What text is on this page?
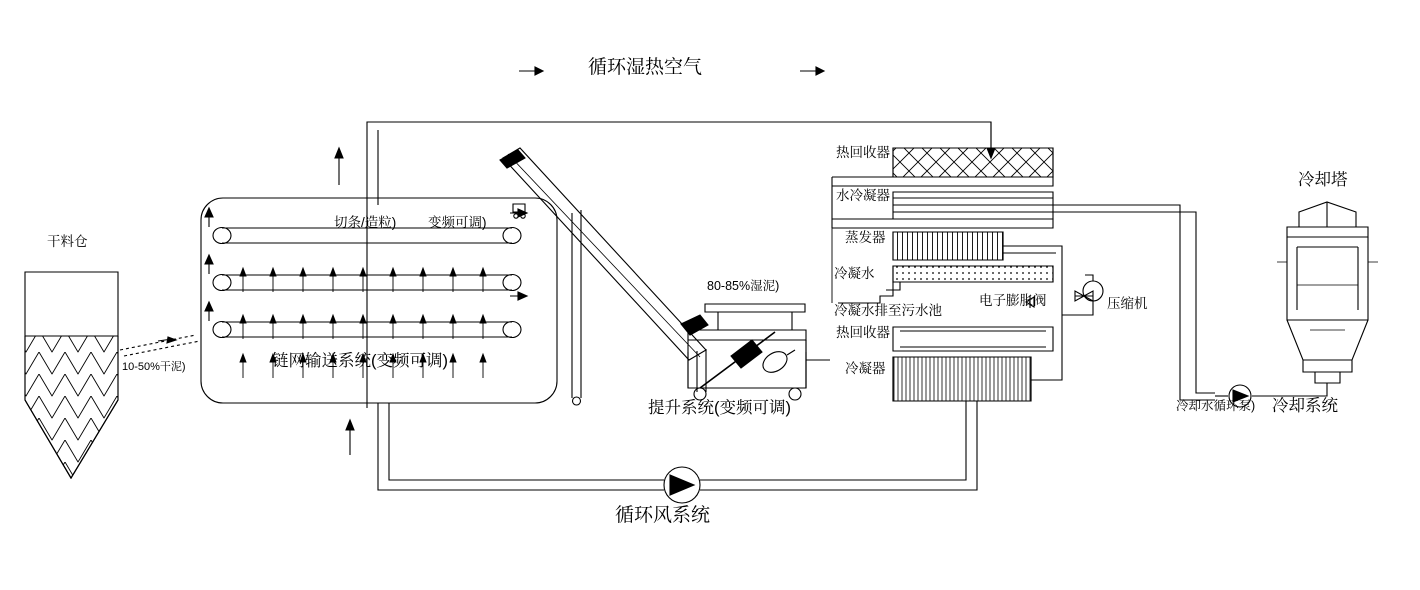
循环湿热空气
干料仓
10-50%干泥)
切条/造粒) 变频可调)
链网输送系统(变频可调)
80-85%湿泥)
提升系统(变频可调)
热回收器
水冷凝器
蒸发器
冷凝水
冷凝水排至污水池
电子膨胀阀	压缩机
热回收器
冷凝器
冷却塔
冷却水循环泵) 冷却系统
循环风系统
